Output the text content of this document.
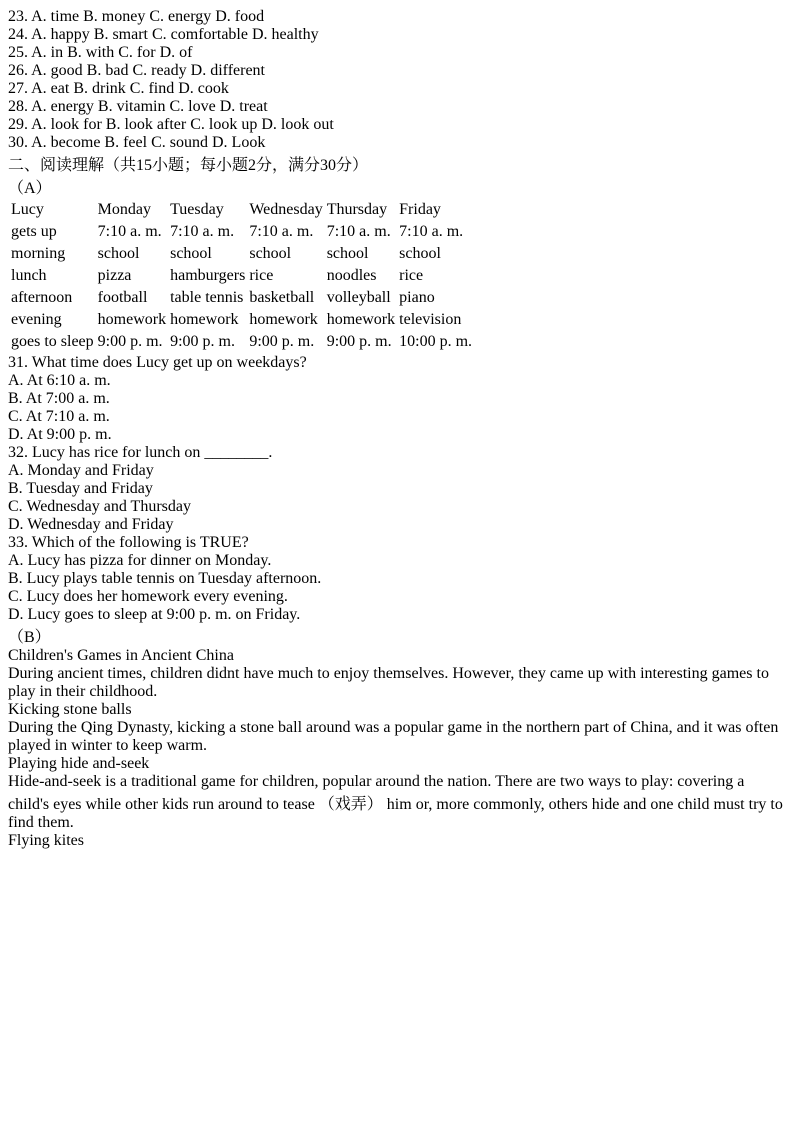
23. A. time B. money C. energy D. food
24. A. happy B. smart C. comfortable D. healthy
25. A. in B. with C. for D. of
26. A. good B. bad C. ready D. different
27. A. eat B. drink C. find D. cook
28. A. energy B. vitamin C. love D. treat
29. A. look for B. look after C. look up D. look out
30. A. become B. feel C. sound D. Look
二、阅读理解（共15小题；每小题2分，满分30分）
（A）
Lucy	Monday	Tuesday	Wednesday	Thursday	Friday
gets up	7:10 a. m.	7:10 a. m.	7:10 a. m.	7:10 a. m.	7:10 a. m.
morning	school	school	school	school	school
lunch	pizza	hamburgers	rice	noodles	rice
afternoon	football	table tennis	basketball	volleyball	piano
evening	homework	homework	homework	homework	television
goes to sleep	9:00 p. m.	9:00 p. m.	9:00 p. m.	9:00 p. m.	10:00 p. m.
31. What time does Lucy get up on weekdays?
A. At 6:10 a. m.
B. At 7:00 a. m.
C. At 7:10 a. m.
D. At 9:00 p. m.
32. Lucy has rice for lunch on ________.
A. Monday and Friday
B. Tuesday and Friday
C. Wednesday and Thursday
D. Wednesday and Friday
33. Which of the following is TRUE?
A. Lucy has pizza for dinner on Monday.
B. Lucy plays table tennis on Tuesday afternoon.
C. Lucy does her homework every evening.
D. Lucy goes to sleep at 9:00 p. m. on Friday.
（B）
Children's Games in Ancient China
During ancient times, children didnt have much to enjoy themselves. However, they came up with interesting games to play in their childhood.
Kicking stone balls
During the Qing Dynasty, kicking a stone ball around was a popular game in the northern part of China, and it was often played in winter to keep warm.
Playing hide and-seek
Hide-and-seek is a traditional game for children, popular around the nation. There are two ways to play: covering a child's eyes while other kids run around to tease （戏弄） him or, more commonly, others hide and one child must try to find them.
Flying kites
